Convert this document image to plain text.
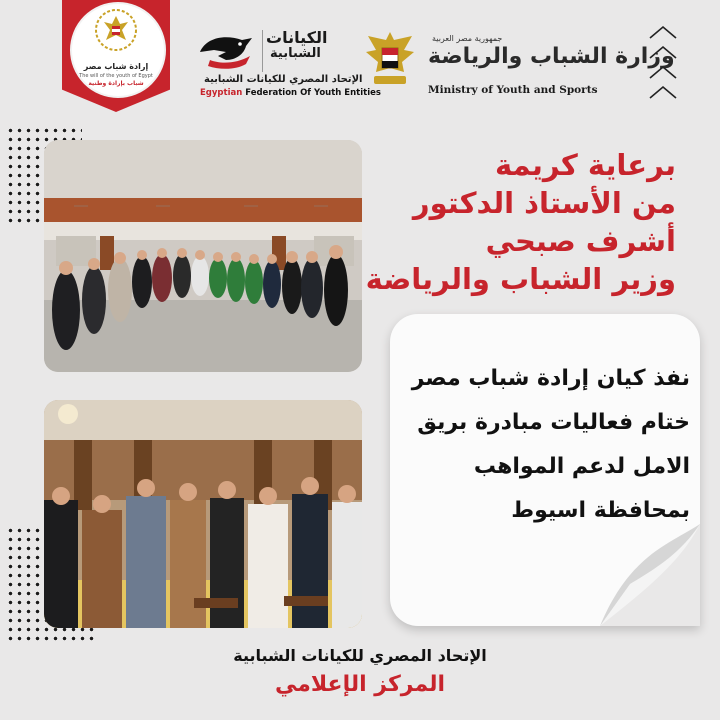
إرادة شباب مصر
The will of the youth of Egypt
شباب بإرادة وطنية
الكيانات
الشبابية
الإتحاد المصري للكيانات الشبابية
Egyptian Federation Of Youth Entities
جمهورية مصر العربية
وزارة الشباب والرياضة
Ministry of Youth and Sports
برعاية كريمة
من الأستاذ الدكتور
أشرف صبحي
وزير الشباب والرياضة
نفذ كيان إرادة شباب مصر
ختام فعاليات مبادرة بريق
الامل لدعم المواهب
بمحافظة اسيوط
الإتحاد المصري للكيانات الشبابية
المركز الإعلامي
